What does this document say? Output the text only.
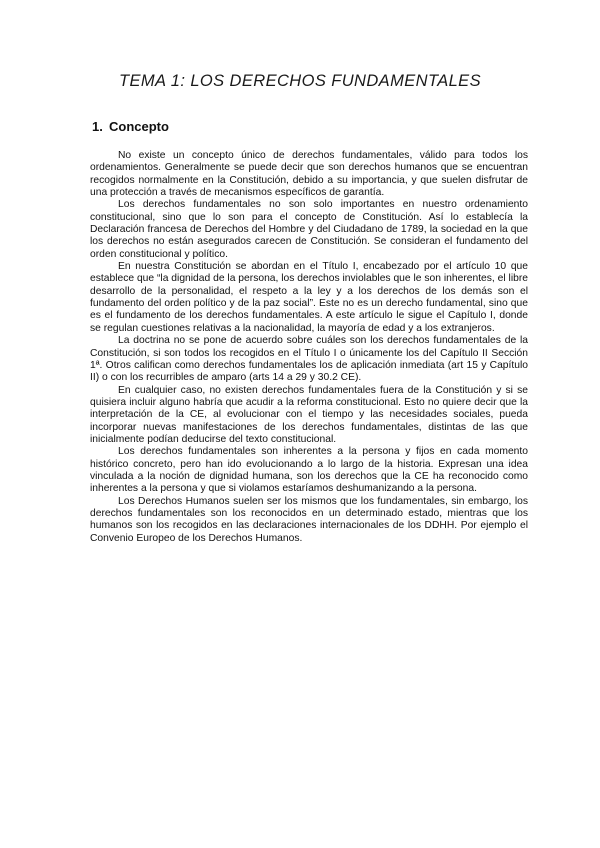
TEMA 1: LOS DERECHOS FUNDAMENTALES
1. Concepto

No existe un concepto único de derechos fundamentales, válido para todos los ordenamientos. Generalmente se puede decir que son derechos humanos que se encuentran recogidos normalmente en la Constitución, debido a su importancia, y que suelen disfrutar de una protección a través de mecanismos específicos de garantía.

Los derechos fundamentales no son solo importantes en nuestro ordenamiento constitucional, sino que lo son para el concepto de Constitución. Así lo establecía la Declaración francesa de Derechos del Hombre y del Ciudadano de 1789, la sociedad en la que los derechos no están asegurados carecen de Constitución. Se consideran el fundamento del orden constitucional y político.

En nuestra Constitución se abordan en el Título I, encabezado por el artículo 10 que establece que “la dignidad de la persona, los derechos inviolables que le son inherentes, el libre desarrollo de la personalidad, el respeto a la ley y a los derechos de los demás son el fundamento del orden político y de la paz social”. Este no es un derecho fundamental, sino que es el fundamento de los derechos fundamentales. A este artículo le sigue el Capítulo I, donde se regulan cuestiones relativas a la nacionalidad, la mayoría de edad y a los extranjeros.

La doctrina no se pone de acuerdo sobre cuáles son los derechos fundamentales de la Constitución, si son todos los recogidos en el Título I o únicamente los del Capítulo II Sección 1ª. Otros califican como derechos fundamentales los de aplicación inmediata (art 15 y Capítulo II) o con los recurribles de amparo (arts 14 a 29 y 30.2 CE).

En cualquier caso, no existen derechos fundamentales fuera de la Constitución y si se quisiera incluir alguno habría que acudir a la reforma constitucional. Esto no quiere decir que la interpretación de la CE, al evolucionar con el tiempo y las necesidades sociales, pueda incorporar nuevas manifestaciones de los derechos fundamentales, distintas de las que inicialmente podían deducirse del texto constitucional.

Los derechos fundamentales son inherentes a la persona y fijos en cada momento histórico concreto, pero han ido evolucionando a lo largo de la historia. Expresan una idea vinculada a la noción de dignidad humana, son los derechos que la CE ha reconocido como inherentes a la persona y que si violamos estaríamos deshumanizando a la persona.

Los Derechos Humanos suelen ser los mismos que los fundamentales, sin embargo, los derechos fundamentales son los reconocidos en un determinado estado, mientras que los humanos son los recogidos en las declaraciones internacionales de los DDHH. Por ejemplo el Convenio Europeo de los Derechos Humanos.
